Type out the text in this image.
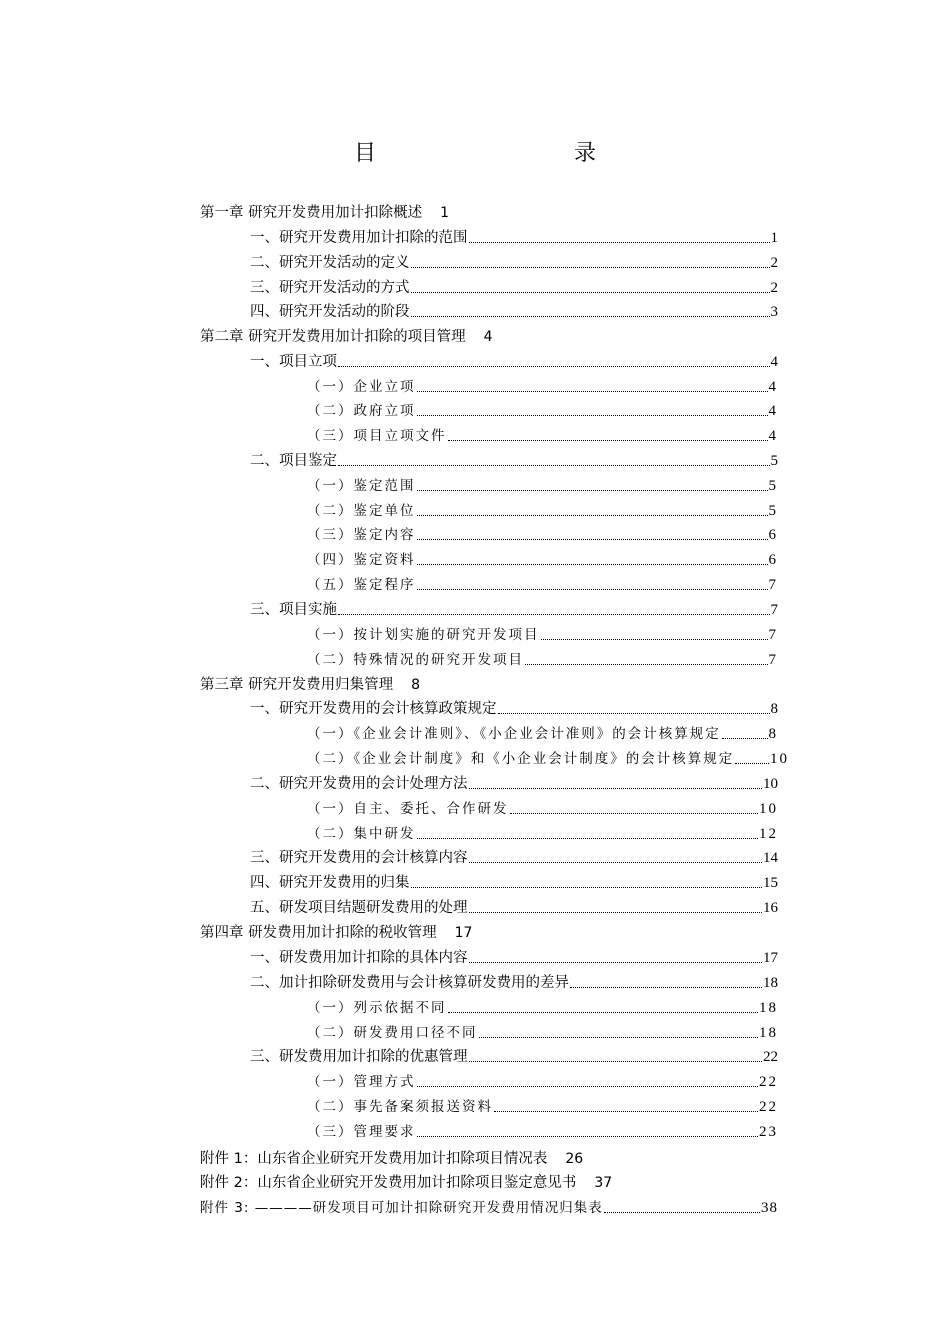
目　录
第一章 研究开发费用加计扣除概述 1
一、研究开发费用加计扣除的范围	1
二、研究开发活动的定义	2
三、研究开发活动的方式	2
四、研究开发活动的阶段	3
第二章 研究开发费用加计扣除的项目管理 4
一、项目立项	4
（一）企业立项	4
（二）政府立项	4
（三）项目立项文件	4
二、项目鉴定	5
（一）鉴定范围	5
（二）鉴定单位	5
（三）鉴定内容	6
（四）鉴定资料	6
（五）鉴定程序	7
三、项目实施	7
（一）按计划实施的研究开发项目	7
（二）特殊情况的研究开发项目	7
第三章 研究开发费用归集管理 8
一、研究开发费用的会计核算政策规定	8
（一）《企业会计准则》、《小企业会计准则》的会计核算规定	8
（二）《企业会计制度》和《小企业会计制度》的会计核算规定 10
二、研究开发费用的会计处理方法	10
（一）自主、委托、合作研发	10
（二）集中研发	12
三、研究开发费用的会计核算内容	14
四、研究开发费用的归集	15
五、研发项目结题研发费用的处理	16
第四章 研发费用加计扣除的税收管理 17
一、研发费用加计扣除的具体内容	17
二、加计扣除研发费用与会计核算研发费用的差异	18
（一）列示依据不同	18
（二）研发费用口径不同	18
三、研发费用加计扣除的优惠管理	22
（一）管理方式	22
（二）事先备案须报送资料	22
（三）管理要求	23
附件 1：山东省企业研究开发费用加计扣除项目情况表 26
附件 2：山东省企业研究开发费用加计扣除项目鉴定意见书 37
附件 3: ————研发项目可加计扣除研究开发费用情况归集表	38
